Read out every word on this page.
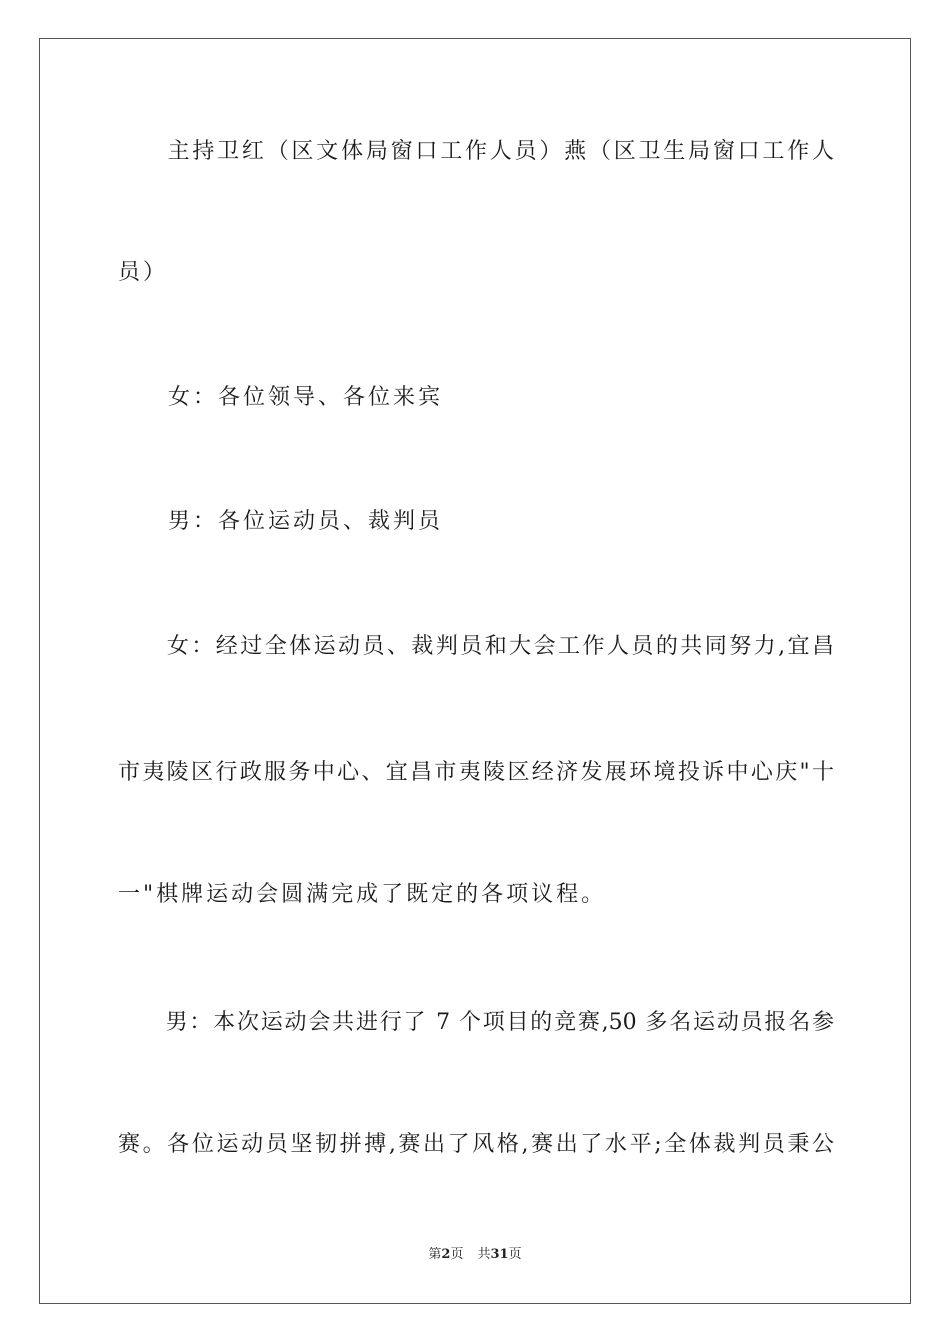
　　主持卫红（区文体局窗口工作人员）燕（区卫生局窗口工作人
员）
　　女：各位领导、各位来宾
　　男：各位运动员、裁判员
　　女：经过全体运动员、裁判员和大会工作人员的共同努力,宜昌
市夷陵区行政服务中心、宜昌市夷陵区经济发展环境投诉中心庆"十
一"棋牌运动会圆满完成了既定的各项议程。
　　男：本次运动会共进行了 7 个项目的竞赛,50 多名运动员报名参
赛。各位运动员坚韧拼搏,赛出了风格,赛出了水平;全体裁判员秉公
第2页 共31页
